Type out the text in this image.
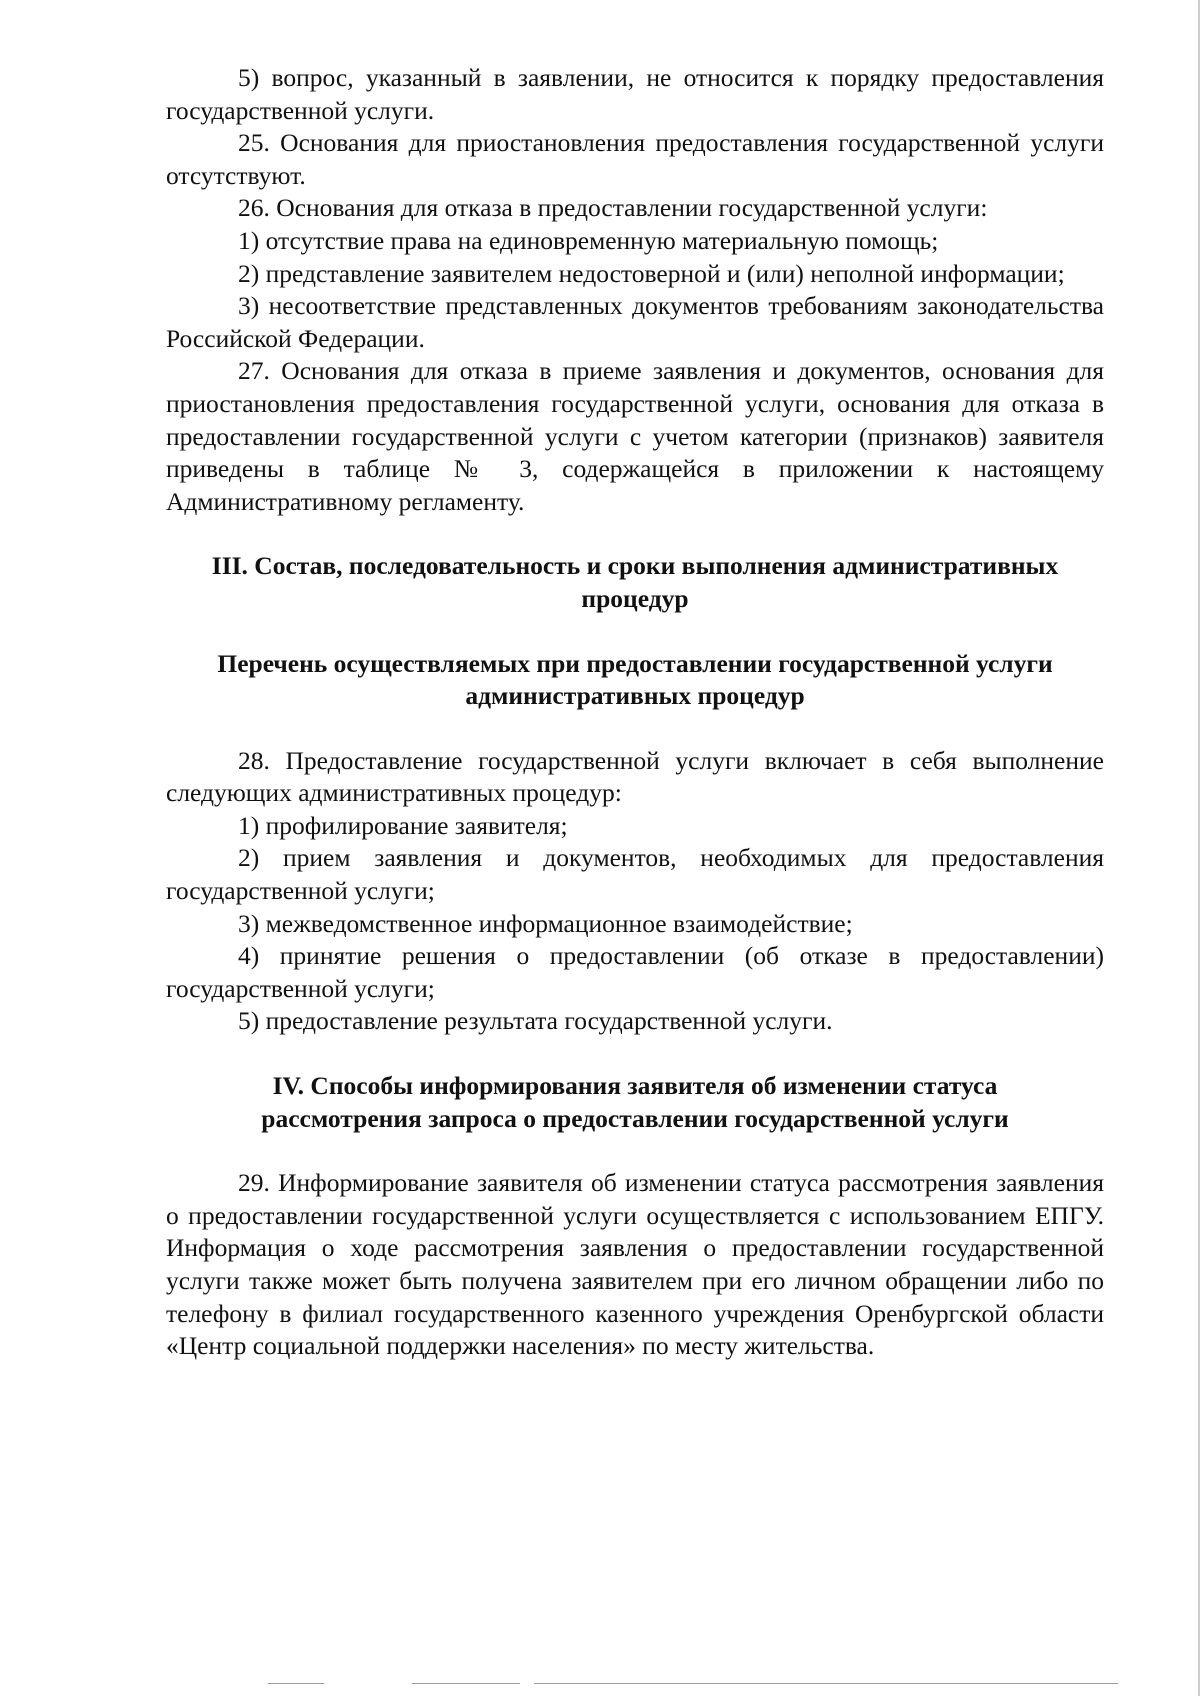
5) вопрос, указанный в заявлении, не относится к порядку предоставления государственной услуги.

25. Основания для приостановления предоставления государственной услуги отсутствуют.

26. Основания для отказа в предоставлении государственной услуги:

1) отсутствие права на единовременную материальную помощь;

2) представление заявителем недостоверной и (или) неполной информации;

3) несоответствие представленных документов требованиям законодательства Российской Федерации.

27. Основания для отказа в приеме заявления и документов, основания для приостановления предоставления государственной услуги, основания для отказа в предоставлении государственной услуги с учетом категории (признаков) заявителя приведены в таблице № 3, содержащейся в приложении к настоящему Административному регламенту.

III. Состав, последовательность и сроки выполнения административных
процедур
Перечень осуществляемых при предоставлении государственной услуги
административных процедур

28. Предоставление государственной услуги включает в себя выполнение следующих административных процедур:

1) профилирование заявителя;

2) прием заявления и документов, необходимых для предоставления государственной услуги;

3) межведомственное информационное взаимодействие;

4) принятие решения о предоставлении (об отказе в предоставлении) государственной услуги;

5) предоставление результата государственной услуги.

IV. Способы информирования заявителя об изменении статуса
рассмотрения запроса о предоставлении государственной услуги

29. Информирование заявителя об изменении статуса рассмотрения заявления о предоставлении государственной услуги осуществляется с использованием ЕПГУ. Информация о ходе рассмотрения заявления о предоставлении государственной услуги также может быть получена заявителем при его личном обращении либо по телефону в филиал государственного казенного учреждения Оренбургской области «Центр социальной поддержки населения» по месту жительства.
